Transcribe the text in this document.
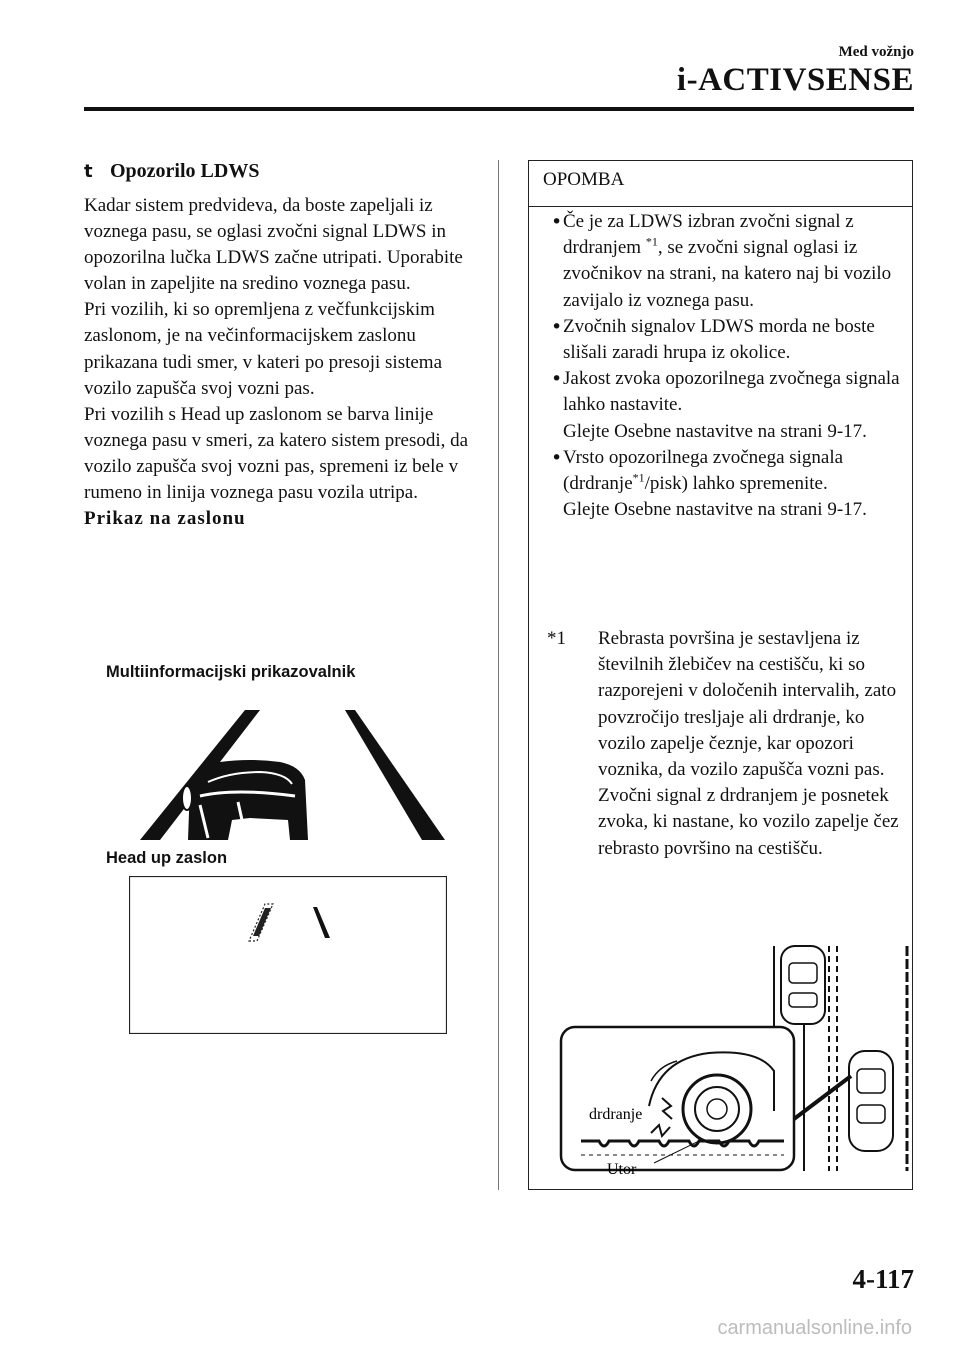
Med vožnjo
i-ACTIVSENSE
t Opozorilo LDWS

Kadar sistem predvideva, da boste zapeljali iz voznega pasu, se oglasi zvočni signal LDWS in opozorilna lučka LDWS začne utripati. Uporabite volan in zapeljite na sredino voznega pasu.

Pri vozilih, ki so opremljena z večfunkcijskim zaslonom, je na večinformacijskem zaslonu prikazana tudi smer, v kateri po presoji sistema vozilo zapušča svoj vozni pas.

Pri vozilih s Head up zaslonom se barva linije voznega pasu v smeri, za katero sistem presodi, da vozilo zapušča svoj vozni pas, spremeni iz bele v rumeno in linija voznega pasu vozila utripa.

Prikaz na zaslonu

Multiinformacijski prikazovalnik
Head up zaslon
OPOMBA
• Če je za LDWS izbran zvočni signal z drdranjem $^{*1}$, se zvočni signal oglasi iz zvočnikov na strani, na katero naj bi vozilo zavijalo iz voznega pasu.
• Zvočnih signalov LDWS morda ne boste slišali zaradi hrupa iz okolice.
• Jakost zvoka opozorilnega zvočnega signala lahko nastavite.
Glejte Osebne nastavitve na strani 9-17.
• Vrsto opozorilnega zvočnega signala (drdranje$^{*1}$/pisk) lahko spremenite.
Glejte Osebne nastavitve na strani 9-17.
*1	Rebrasta površina je sestavljena iz številnih žlebičev na cestišču, ki so razporejeni v določenih intervalih, zato povzročijo tresljaje ali drdranje, ko vozilo zapelje čeznje, kar opozori voznika, da vozilo zapušča vozni pas.
Zvočni signal z drdranjem je posnetek zvoka, ki nastane, ko vozilo zapelje čez rebrasto površino na cestišču.
drdranje
Utor
4-117
carmanualsonline.info
